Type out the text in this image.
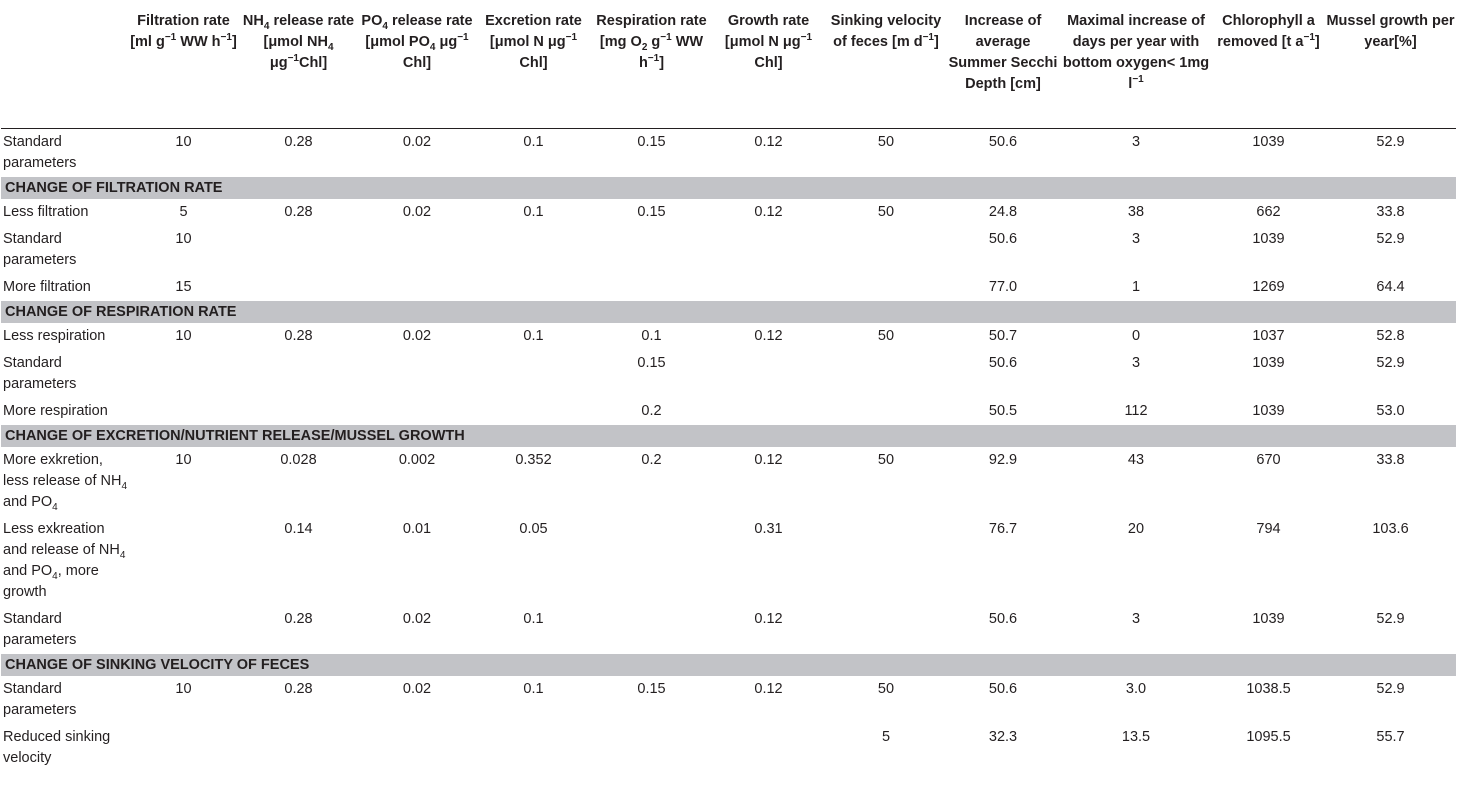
	Filtration rate [ml $g^{-1}$ WW $h^{-1}$]	$NH_4$ release rate [μmol $NH_4$ $\mu g^{-1}Chl$]	$PO_4$ release rate [μmol $PO_4$ $\mu g^{-1}$ Chl]	Excretion rate [μmol N $\mu g^{-1}$ Chl]	Respiration rate [mg $O_2$ $g^{-1}$ WW $h^{-1}$]	Growth rate [μmol N $\mu g^{-1}$ Chl]	Sinking velocity of feces [m $d^{-1}$]	Increase of average Summer Secchi Depth [cm]	Maximal increase of days per year with bottom oxygen< 1mg $l^{-1}$	Chlorophyll a removed [t $a^{-1}$]	Mussel growth per year[%]
Standard parameters	10	0.28	0.02	0.1	0.15	0.12	50	50.6	3	1039	52.9
CHANGE OF FILTRATION RATE											
Less filtration	5	0.28	0.02	0.1	0.15	0.12	50	24.8	38	662	33.8
Standard parameters	10							50.6	3	1039	52.9
More filtration	15							77.0	1	1269	64.4
CHANGE OF RESPIRATION RATE											
Less respiration	10	0.28	0.02	0.1	0.1	0.12	50	50.7	0	1037	52.8
Standard parameters					0.15			50.6	3	1039	52.9
More respiration					0.2			50.5	112	1039	53.0
CHANGE OF EXCRETION/NUTRIENT RELEASE/MUSSEL GROWTH											
More exkretion, less release of $NH_4$ and $PO_4$	10	0.028	0.002	0.352	0.2	0.12	50	92.9	43	670	33.8
Less exkreation and release of $NH_4$ and $PO_4$, more growth		0.14	0.01	0.05		0.31		76.7	20	794	103.6
Standard parameters		0.28	0.02	0.1		0.12		50.6	3	1039	52.9
CHANGE OF SINKING VELOCITY OF FECES											
Standard parameters	10	0.28	0.02	0.1	0.15	0.12	50	50.6	3.0	1038.5	52.9
Reduced sinking velocity							5	32.3	13.5	1095.5	55.7
